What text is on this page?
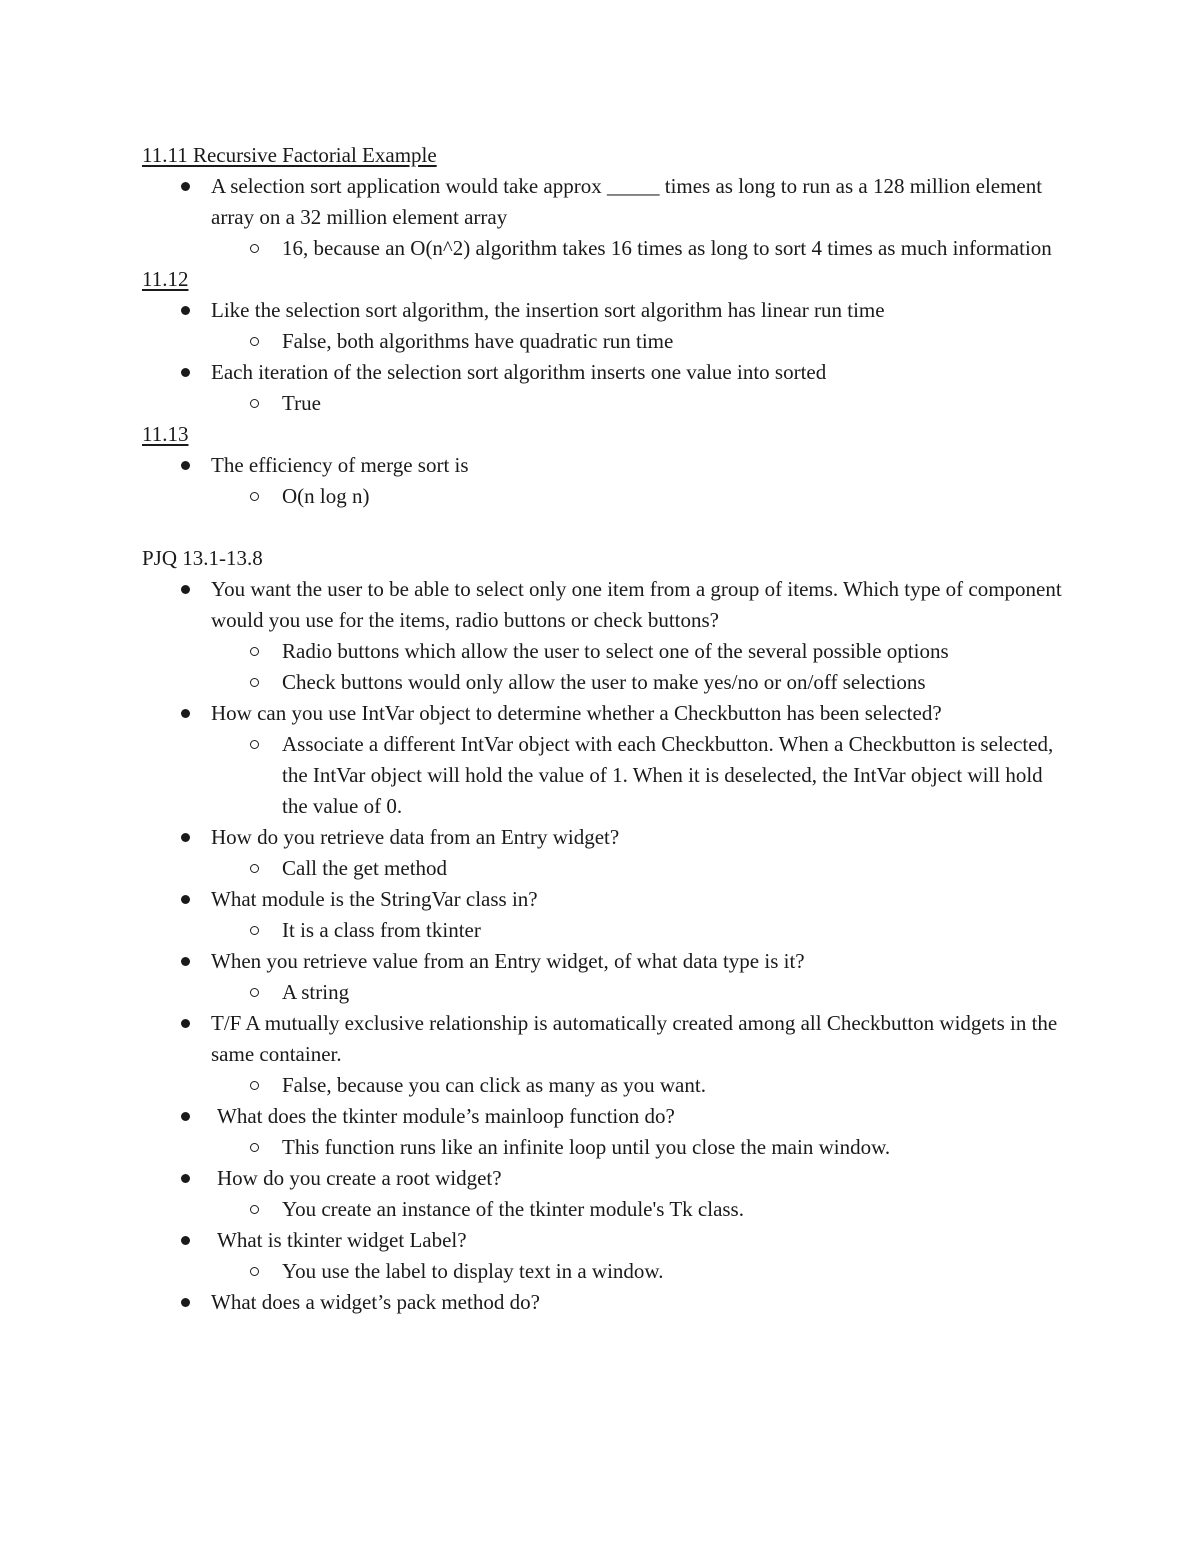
11.11 Recursive Factorial Example
A selection sort application would take approx _____ times as long to run as a 128 million element array on a 32 million element array
16, because an O(n^2) algorithm takes 16 times as long to sort 4 times as much information
11.12
Like the selection sort algorithm, the insertion sort algorithm has linear run time
False, both algorithms have quadratic run time
Each iteration of the selection sort algorithm inserts one value into sorted
True
11.13
The efficiency of merge sort is
O(n log n)
PJQ 13.1-13.8
You want the user to be able to select only one item from a group of items. Which type of component would you use for the items, radio buttons or check buttons?
Radio buttons which allow the user to select one of the several possible options
Check buttons would only allow the user to make yes/no or on/off selections
How can you use IntVar object to determine whether a Checkbutton has been selected?
Associate a different IntVar object with each Checkbutton. When a Checkbutton is selected, the IntVar object will hold the value of 1. When it is deselected, the IntVar object will hold the value of 0.
How do you retrieve data from an Entry widget?
Call the get method
What module is the StringVar class in?
It is a class from tkinter
When you retrieve value from an Entry widget, of what data type is it?
A string
T/F A mutually exclusive relationship is automatically created among all Checkbutton widgets in the same container.
False, because you can click as many as you want.
What does the tkinter module’s mainloop function do?
This function runs like an infinite loop until you close the main window.
How do you create a root widget?
You create an instance of the tkinter module's Tk class.
What is tkinter widget Label?
You use the label to display text in a window.
What does a widget’s pack method do?
